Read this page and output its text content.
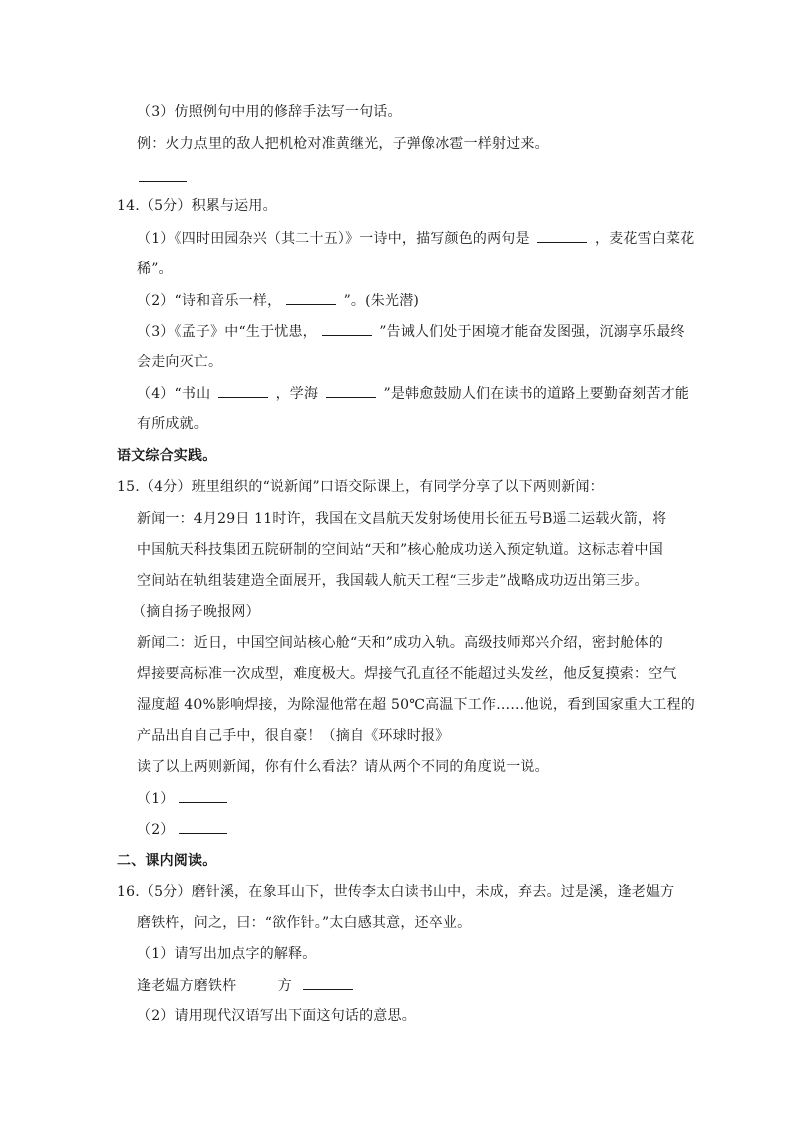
（3）仿照例句中用的修辞手法写一句话。
例：火力点里的敌人把机枪对准黄继光，子弹像冰雹一样射过来。
14.（5分）积累与运用。
（1）《四时田园杂兴（其二十五）》一诗中，描写颜色的两句是	，麦花雪白菜花
稀”。
（2）“诗和音乐一样，	”。(朱光潜)
（3）《孟子》中“生于忧患，	”告诫人们处于困境才能奋发图强，沉溺享乐最终
会走向灭亡。
（4）“书山	，学海	”是韩愈鼓励人们在读书的道路上要勤奋刻苦才能
有所成就。
语文综合实践。
15.（4分）班里组织的“说新闻”口语交际课上，有同学分享了以下两则新闻：
新闻一：4月29日 11时许，我国在文昌航天发射场使用长征五号B遥二运载火箭，将
中国航天科技集团五院研制的空间站“天和”核心舱成功送入预定轨道。这标志着中国
空间站在轨组装建造全面展开，我国载人航天工程“三步走”战略成功迈出第三步。
（摘自扬子晚报网）
新闻二：近日，中国空间站核心舱“天和”成功入轨。高级技师郑兴介绍，密封舱体的
焊接要高标准一次成型，难度极大。焊接气孔直径不能超过头发丝，他反复摸索：空气
湿度超 40%影响焊接，为除湿他常在超 50℃高温下工作……他说，看到国家重大工程的
产品出自自己手中，很自豪！（摘自《环球时报》
读了以上两则新闻，你有什么看法？请从两个不同的角度说一说。
（1）
（2）
二、课内阅读。
16.（5分）磨针溪，在象耳山下，世传李太白读书山中，未成，弃去。过是溪，逢老媪方
磨铁杵，问之，曰：“欲作针。”太白感其意，还卒业。
（1）请写出加点字的解释。
逢老媪方磨铁杵	方
（2）请用现代汉语写出下面这句话的意思。
